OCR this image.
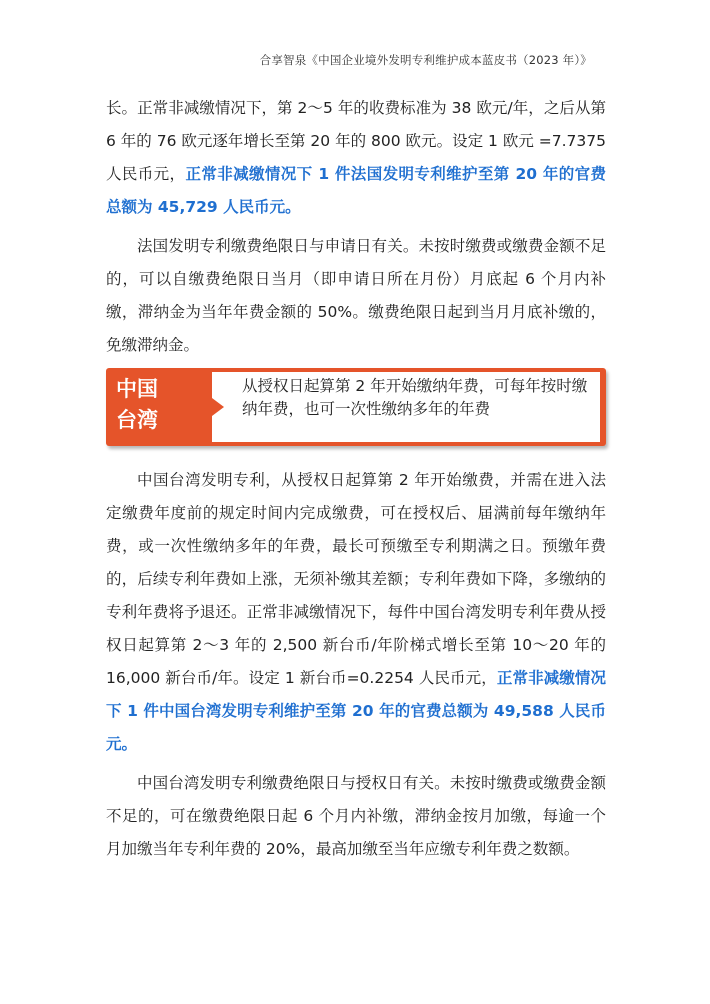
合享智泉《中国企业境外发明专利维护成本蓝皮书（2023 年）》

长。正常非减缴情况下，第 2～5 年的收费标准为 38 欧元/年，之后从第 6 年的 76 欧元逐年增长至第 20 年的 800 欧元。设定 1 欧元 =7.7375 人民币元，正常非减缴情况下 1 件法国发明专利维护至第 20 年的官费总额为 45,729 人民币元。

法国发明专利缴费绝限日与申请日有关。未按时缴费或缴费金额不足的，可以自缴费绝限日当月（即申请日所在月份）月底起 6 个月内补缴，滞纳金为当年年费金额的 50%。缴费绝限日起到当月月底补缴的，免缴滞纳金。

中国
台湾
从授权日起算第 2 年开始缴纳年费，可每年按时缴纳年费，也可一次性缴纳多年的年费

中国台湾发明专利，从授权日起算第 2 年开始缴费，并需在进入法定缴费年度前的规定时间内完成缴费，可在授权后、届满前每年缴纳年费，或一次性缴纳多年的年费，最长可预缴至专利期满之日。预缴年费的，后续专利年费如上涨，无须补缴其差额；专利年费如下降，多缴纳的专利年费将予退还。正常非减缴情况下，每件中国台湾发明专利年费从授权日起算第 2～3 年的 2,500 新台币/年阶梯式增长至第 10～20 年的 16,000 新台币/年。设定 1 新台币=0.2254 人民币元，正常非减缴情况下 1 件中国台湾发明专利维护至第 20 年的官费总额为 49,588 人民币元。

中国台湾发明专利缴费绝限日与授权日有关。未按时缴费或缴费金额不足的，可在缴费绝限日起 6 个月内补缴，滞纳金按月加缴，每逾一个月加缴当年专利年费的 20%，最高加缴至当年应缴专利年费之数额。
